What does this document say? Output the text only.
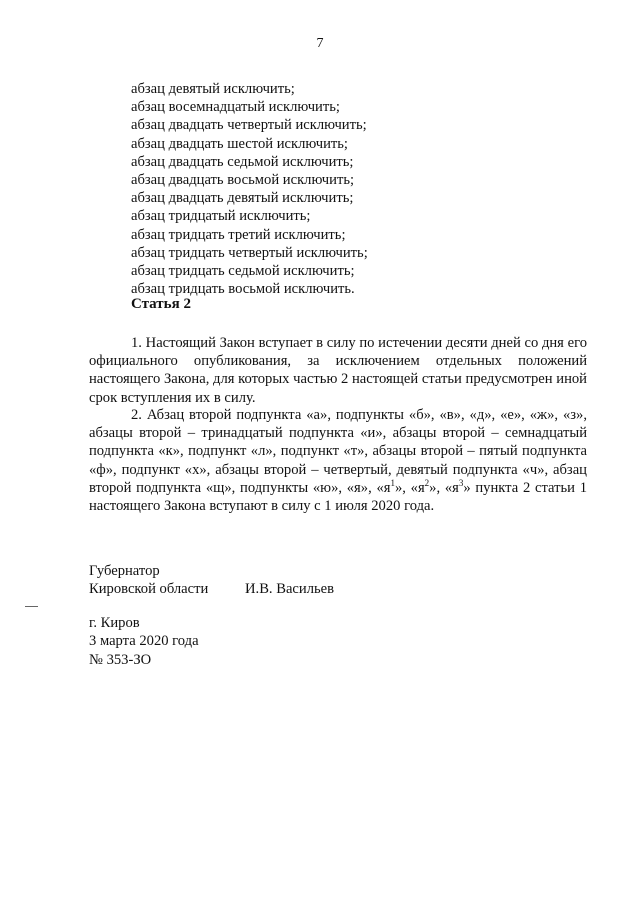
7
абзац девятый исключить;
абзац восемнадцатый исключить;
абзац двадцать четвертый исключить;
абзац двадцать шестой исключить;
абзац двадцать седьмой исключить;
абзац двадцать восьмой исключить;
абзац двадцать девятый исключить;
абзац тридцатый исключить;
абзац тридцать третий исключить;
абзац тридцать четвертый исключить;
абзац тридцать седьмой исключить;
абзац тридцать восьмой исключить.
Статья 2

1. Настоящий Закон вступает в силу по истечении десяти дней со дня его официального опубликования, за исключением отдельных положений настоящего Закона, для которых частью 2 настоящей статьи предусмотрен иной срок вступления их в силу.

2. Абзац второй подпункта «а», подпункты «б», «в», «д», «е», «ж», «з», абзацы второй – тринадцатый подпункта «и», абзацы второй – семнадцатый подпункта «к», подпункт «л», подпункт «т», абзацы второй – пятый подпункта «ф», подпункт «х», абзацы второй – четвертый, девятый подпункта «ч», абзац второй подпункта «щ», подпункты «ю», «я», «$я^1$», «$я^2$», «$я^3$» пункта 2 статьи 1 настоящего Закона вступают в силу с 1 июля 2020 года.

Губернатор
Кировской области	И.В. Васильев
г. Киров
3 марта 2020 года
№ 353-ЗО
